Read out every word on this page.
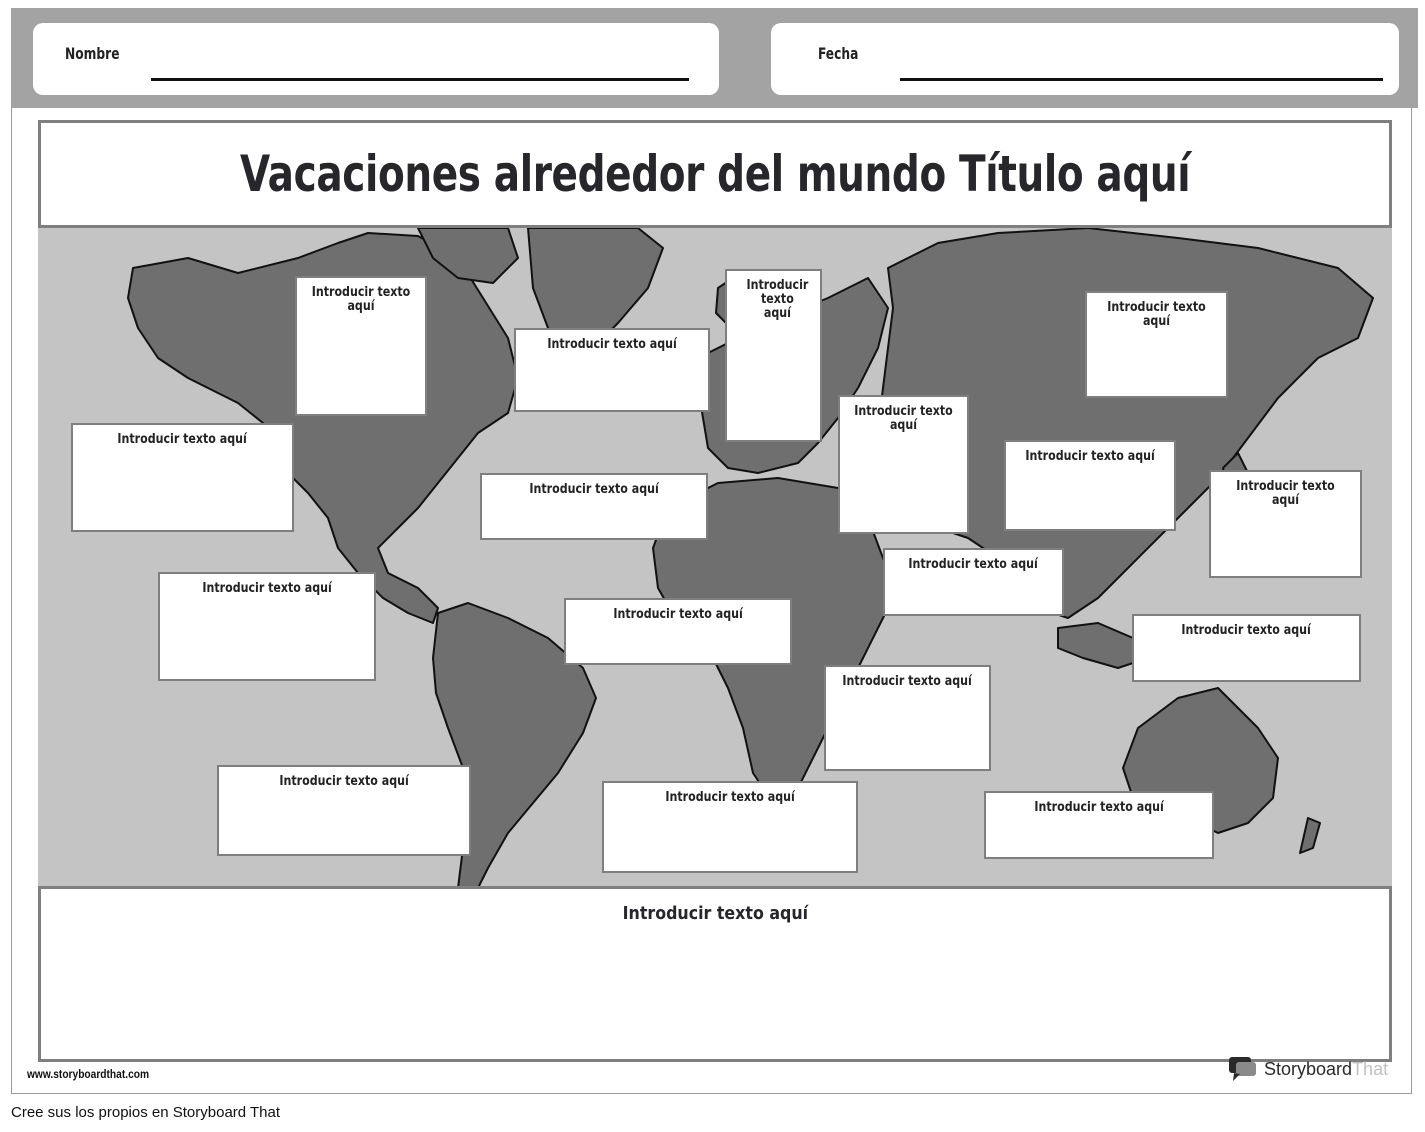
Nombre	Fecha
Vacaciones alrededor del mundo Título aquí
Introducir texto aquí
Introducir texto aquí
Introducir texto aquí	Introducir texto aquí
Introducir texto aquí
Introducir texto aquí
Introducir texto aquí
Introducir texto aquí	Introducir texto aquí
Introducir texto aquí
Introducir texto aquí
Introducir texto aquí
Introducir texto aquí
Introducir texto aquí
Introducir texto aquí
Introducir texto aquí
Introducir texto aquí
Introducir texto aquí
www.storyboardthat.com	StoryboardThat
Cree sus los propios en Storyboard That
